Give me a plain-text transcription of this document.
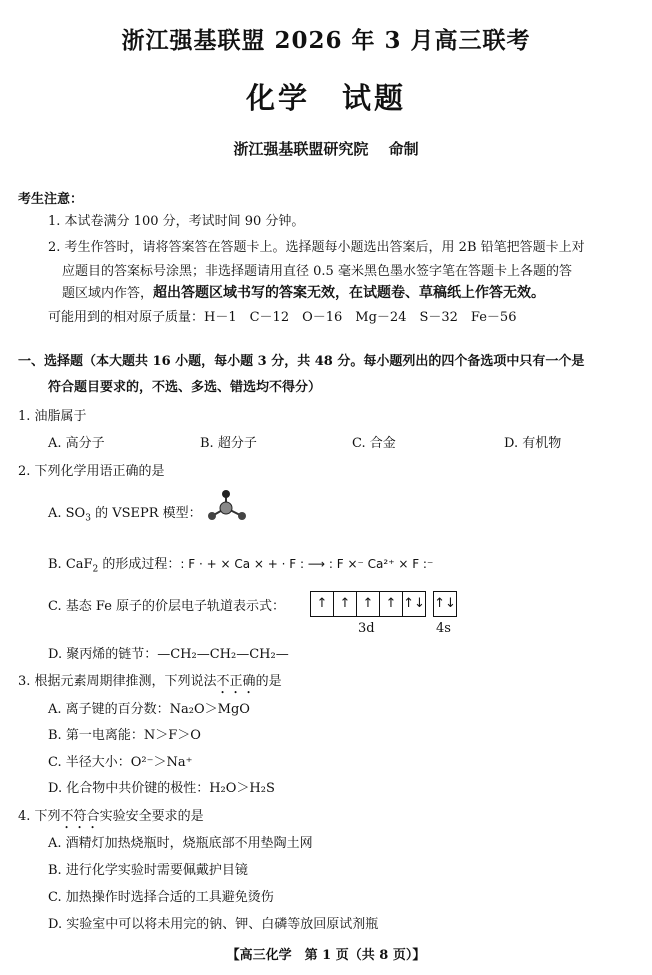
浙江强基联盟 2026 年 3 月高三联考
化学　试题
浙江强基联盟研究院　 命制
考生注意：
1. 本试卷满分 100 分，考试时间 90 分钟。
2. 考生作答时，请将答案答在答题卡上。选择题每小题选出答案后，用 2B 铅笔把答题卡上对
应题目的答案标号涂黑；非选择题请用直径 0.5 毫米黑色墨水签字笔在答题卡上各题的答
题区域内作答，超出答题区域书写的答案无效，在试题卷、草稿纸上作答无效。
可能用到的相对原子质量：H－1　C－12　O－16　Mg－24　S－32　Fe－56
一、选择题（本大题共 16 小题，每小题 3 分，共 48 分。每小题列出的四个备选项中只有一个是
符合题目要求的，不选、多选、错选均不得分）
1. 油脂属于
A. 高分子	B. 超分子	C. 合金	D. 有机物
2. 下列化学用语正确的是
A. $SO_3$ 的 VSEPR 模型：
B. CaF$_2$ 的形成过程：: F · + × Ca × + · F : ⟶ : F ×⁻ Ca²⁺ × F :⁻
C. 基态 Fe 原子的价层电子轨道表示式：	↑ ↑ ↑ ↑ ↑↓ ↑↓
3d	4s
D. 聚丙烯的链节：—CH₂—CH₂—CH₂—
3. 根据元素周期律推测，下列说法不正确的是
A. 离子键的百分数：Na₂O＞MgO
B. 第一电离能：N＞F＞O
C. 半径大小：O²⁻＞Na⁺
D. 化合物中共价键的极性：H₂O＞H₂S
4. 下列不符合实验安全要求的是
A. 酒精灯加热烧瓶时，烧瓶底部不用垫陶土网
B. 进行化学实验时需要佩戴护目镜
C. 加热操作时选择合适的工具避免烫伤
D. 实验室中可以将未用完的钠、钾、白磷等放回原试剂瓶
【高三化学　第 1 页（共 8 页）】
